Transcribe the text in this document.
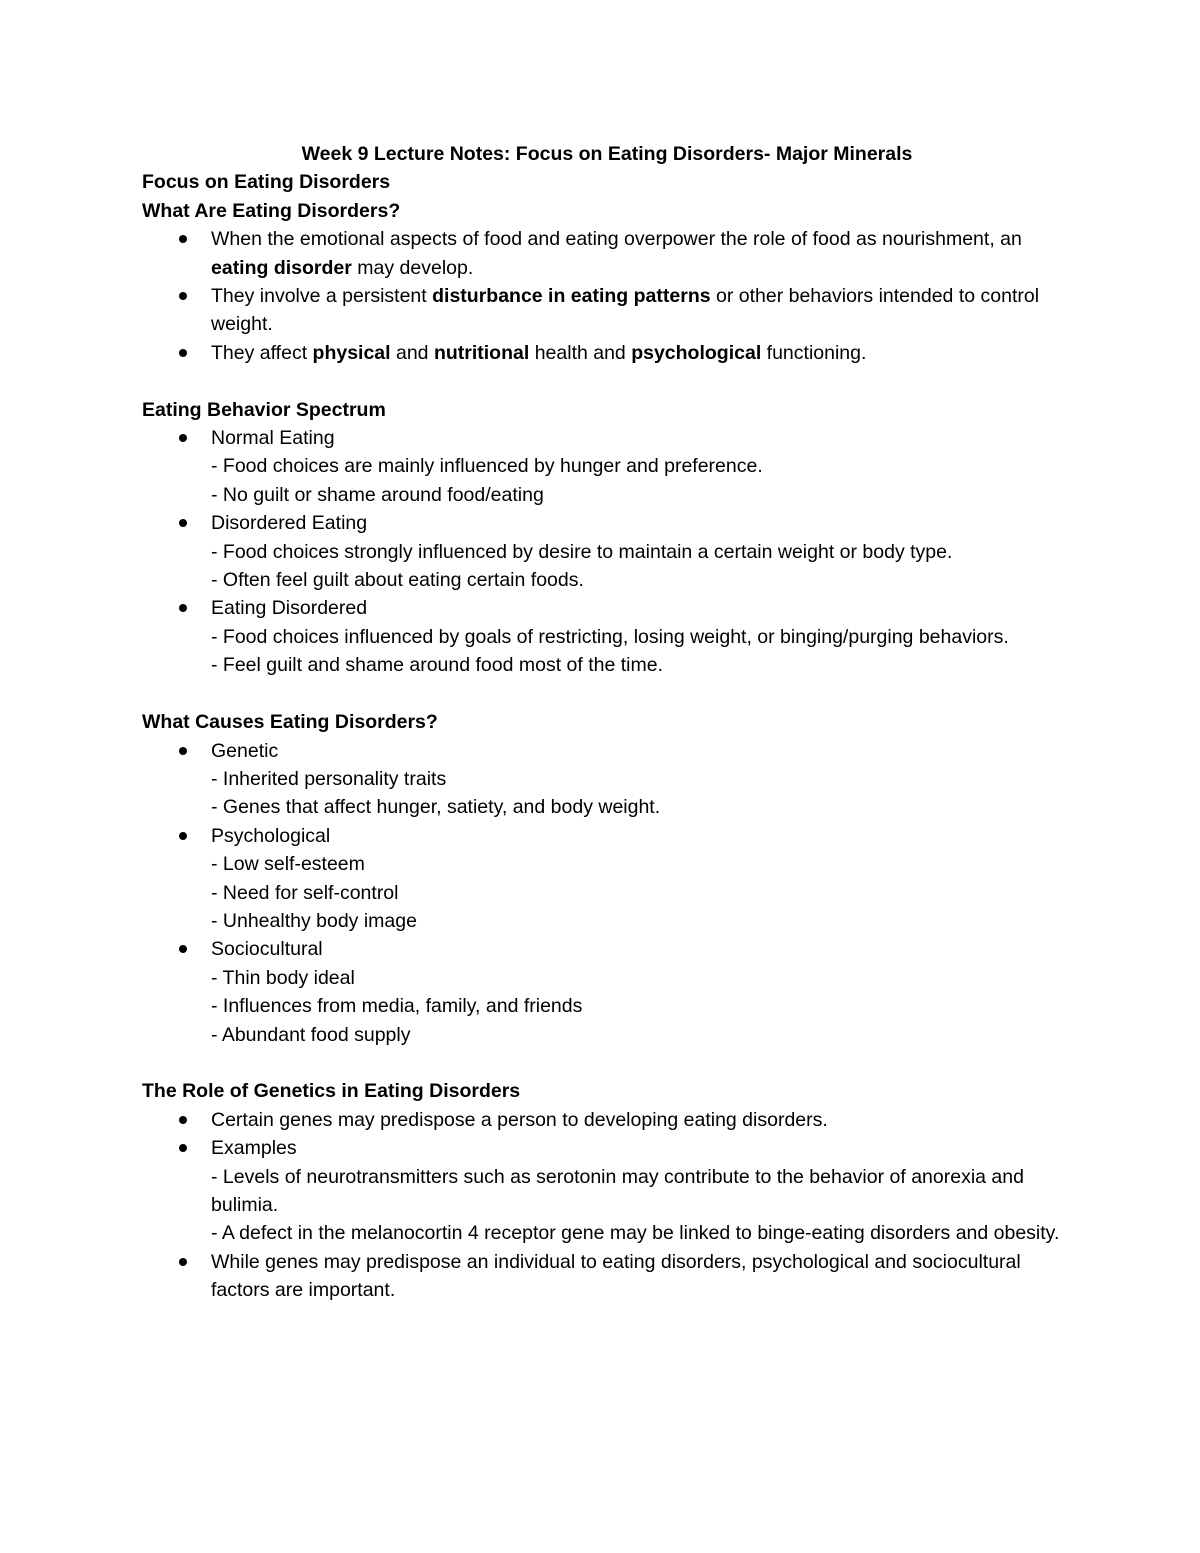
Week 9 Lecture Notes: Focus on Eating Disorders- Major Minerals

Focus on Eating Disorders

What Are Eating Disorders?

When the emotional aspects of food and eating overpower the role of food as nourishment, an eating disorder may develop.
They involve a persistent disturbance in eating patterns or other behaviors intended to control weight.
They affect physical and nutritional health and psychological functioning.

Eating Behavior Spectrum

Normal Eating
- Food choices are mainly influenced by hunger and preference.
- No guilt or shame around food/eating
Disordered Eating
- Food choices strongly influenced by desire to maintain a certain weight or body type.
- Often feel guilt about eating certain foods.
Eating Disordered
- Food choices influenced by goals of restricting, losing weight, or binging/purging behaviors.
- Feel guilt and shame around food most of the time.

What Causes Eating Disorders?

Genetic
- Inherited personality traits
- Genes that affect hunger, satiety, and body weight.
Psychological
- Low self-esteem
- Need for self-control
- Unhealthy body image
Sociocultural
- Thin body ideal
- Influences from media, family, and friends
- Abundant food supply

The Role of Genetics in Eating Disorders

Certain genes may predispose a person to developing eating disorders.
Examples
- Levels of neurotransmitters such as serotonin may contribute to the behavior of anorexia and bulimia.
- A defect in the melanocortin 4 receptor gene may be linked to binge-eating disorders and obesity.
While genes may predispose an individual to eating disorders, psychological and sociocultural factors are important.
